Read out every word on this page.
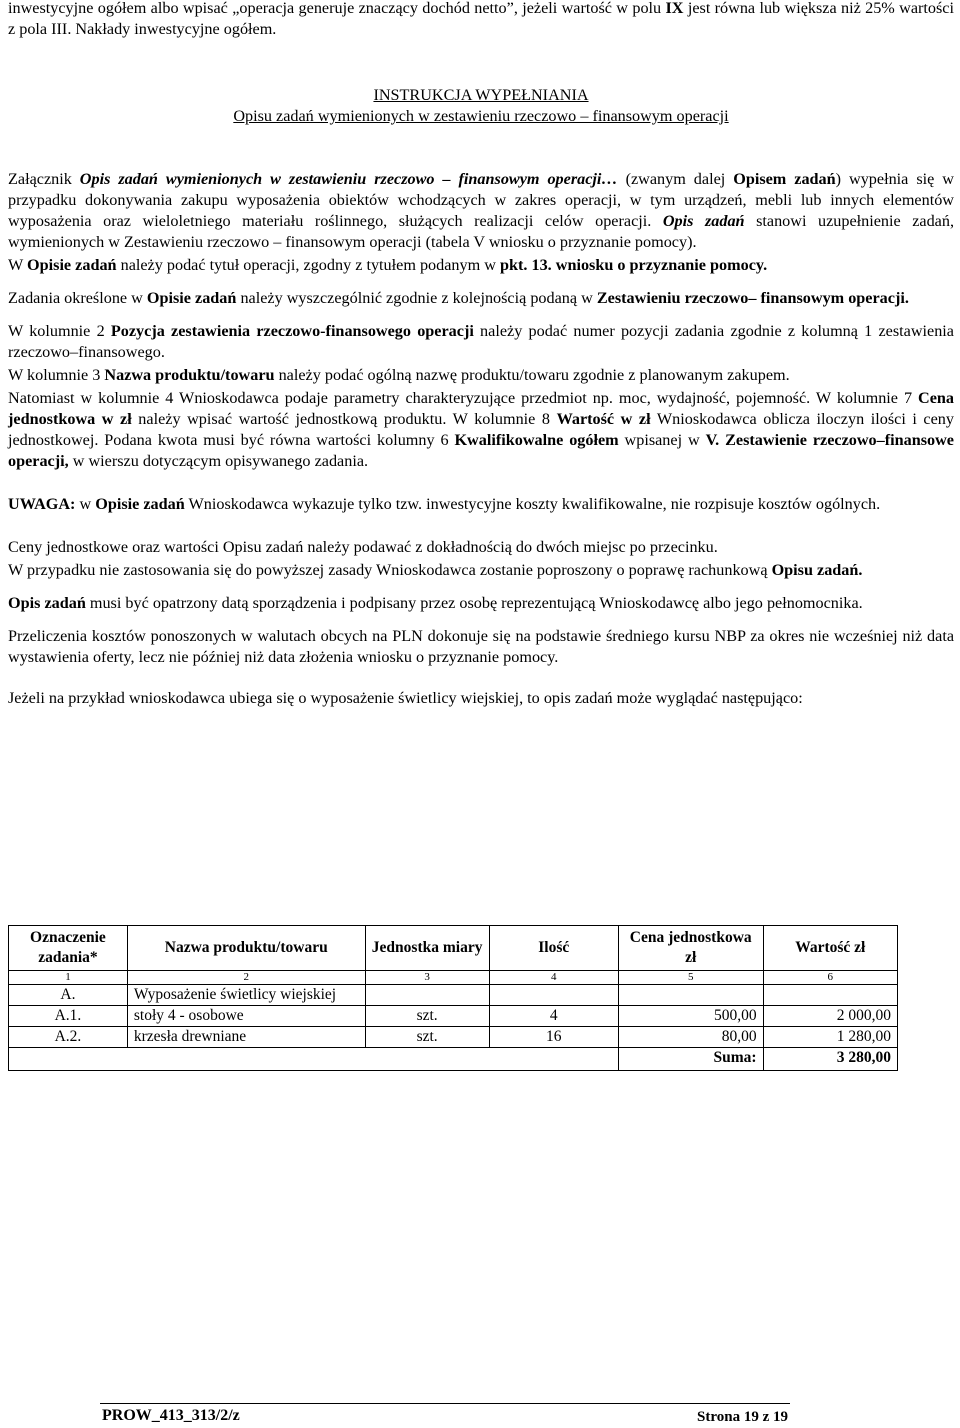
inwestycyjne ogółem albo wpisać „operacja generuje znaczący dochód netto”, jeżeli wartość w polu IX jest równa lub większa niż 25% wartości z pola III. Nakłady inwestycyjne ogółem.

INSTRUKCJA WYPEŁNIANIA
Opisu zadań wymienionych w zestawieniu rzeczowo – finansowym operacji

Załącznik Opis zadań wymienionych w zestawieniu rzeczowo – finansowym operacji… (zwanym dalej Opisem zadań) wypełnia się w przypadku dokonywania zakupu wyposażenia obiektów wchodzących w zakres operacji, w tym urządzeń, mebli lub innych elementów wyposażenia oraz wieloletniego materiału roślinnego, służących realizacji celów operacji. Opis zadań stanowi uzupełnienie zadań, wymienionych w Zestawieniu rzeczowo – finansowym operacji (tabela V wniosku o przyznanie pomocy).

W Opisie zadań należy podać tytuł operacji, zgodny z tytułem podanym w pkt. 13. wniosku o przyznanie pomocy.

Zadania określone w Opisie zadań należy wyszczególnić zgodnie z kolejnością podaną w Zestawieniu rzeczowo– finansowym operacji.

W kolumnie 2 Pozycja zestawienia rzeczowo-finansowego operacji należy podać numer pozycji zadania zgodnie z kolumną 1 zestawienia rzeczowo–finansowego.

W kolumnie 3 Nazwa produktu/towaru należy podać ogólną nazwę produktu/towaru zgodnie z planowanym zakupem.

Natomiast w kolumnie 4 Wnioskodawca podaje parametry charakteryzujące przedmiot np. moc, wydajność, pojemność. W kolumnie 7 Cena jednostkowa w zł należy wpisać wartość jednostkową produktu. W kolumnie 8 Wartość w zł Wnioskodawca oblicza iloczyn ilości i ceny jednostkowej. Podana kwota musi być równa wartości kolumny 6 Kwalifikowalne ogółem wpisanej w V. Zestawienie rzeczowo–finansowe operacji, w wierszu dotyczącym opisywanego zadania.

UWAGA: w Opisie zadań Wnioskodawca wykazuje tylko tzw. inwestycyjne koszty kwalifikowalne, nie rozpisuje kosztów ogólnych.

Ceny jednostkowe oraz wartości Opisu zadań należy podawać z dokładnością do dwóch miejsc po przecinku.

W przypadku nie zastosowania się do powyższej zasady Wnioskodawca zostanie poproszony o poprawę rachunkową Opisu zadań.

Opis zadań musi być opatrzony datą sporządzenia i podpisany przez osobę reprezentującą Wnioskodawcę albo jego pełnomocnika.

Przeliczenia kosztów ponoszonych w walutach obcych na PLN dokonuje się na podstawie średniego kursu NBP za okres nie wcześniej niż data wystawienia oferty, lecz nie później niż data złożenia wniosku o przyznanie pomocy.

Jeżeli na przykład wnioskodawca ubiega się o wyposażenie świetlicy wiejskiej, to opis zadań może wyglądać następująco:

Oznaczenie zadania*	Nazwa produktu/towaru	Jednostka miary	Ilość	Cena jednostkowa zł	Wartość zł
1	2	3	4	5	6
A.	Wyposażenie świetlicy wiejskiej				
A.1.	stoły 4 - osobowe	szt.	4	500,00	2 000,00
A.2.	krzesła drewniane	szt.	16	80,00	1 280,00
				Suma:	3 280,00
PROW_413_313/2/z	Strona 19 z 19
